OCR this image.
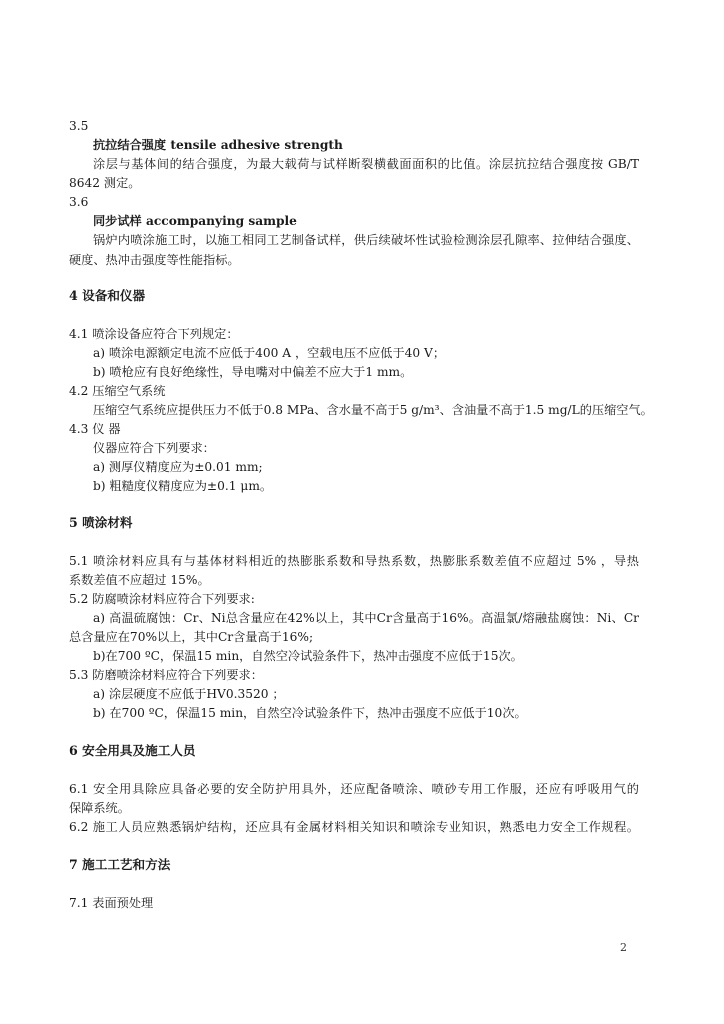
3.5
抗拉结合强度 tensile adhesive strength
涂层与基体间的结合强度，为最大载荷与试样断裂横截面面积的比值。涂层抗拉结合强度按 GB/T
8642 测定。
3.6
同步试样 accompanying sample
锅炉内喷涂施工时，以施工相同工艺制备试样，供后续破坏性试验检测涂层孔隙率、拉伸结合强度、
硬度、热冲击强度等性能指标。
4 设备和仪器
4.1 喷涂设备应符合下列规定：
a) 喷涂电源额定电流不应低于400 A ，空载电压不应低于40 V；
b) 喷枪应有良好绝缘性，导电嘴对中偏差不应大于1 mm。
4.2 压缩空气系统
压缩空气系统应提供压力不低于0.8 MPa、含水量不高于5 g/m³、含油量不高于1.5 mg/L的压缩空气。
4.3 仪 器
仪器应符合下列要求：
a) 测厚仪精度应为±0.01 mm;
b) 粗糙度仪精度应为±0.1 μm。
5 喷涂材料
5.1 喷涂材料应具有与基体材料相近的热膨胀系数和导热系数，热膨胀系数差值不应超过 5% ，导热
系数差值不应超过 15%。
5.2 防腐喷涂材料应符合下列要求:
a) 高温硫腐蚀：Cr、Ni总含量应在42%以上，其中Cr含量高于16%。高温氯/熔融盐腐蚀：Ni、Cr
总含量应在70%以上，其中Cr含量高于16%;
b)在700 ºC，保温15 min，自然空冷试验条件下，热冲击强度不应低于15次。
5.3 防磨喷涂材料应符合下列要求：
a) 涂层硬度不应低于HV0.3520 ；
b) 在700 ºC，保温15 min，自然空冷试验条件下，热冲击强度不应低于10次。
6 安全用具及施工人员
6.1 安全用具除应具备必要的安全防护用具外，还应配备喷涂、喷砂专用工作服，还应有呼吸用气的
保障系统。
6.2 施工人员应熟悉锅炉结构，还应具有金属材料相关知识和喷涂专业知识，熟悉电力安全工作规程。
7 施工工艺和方法
7.1 表面预处理
2
